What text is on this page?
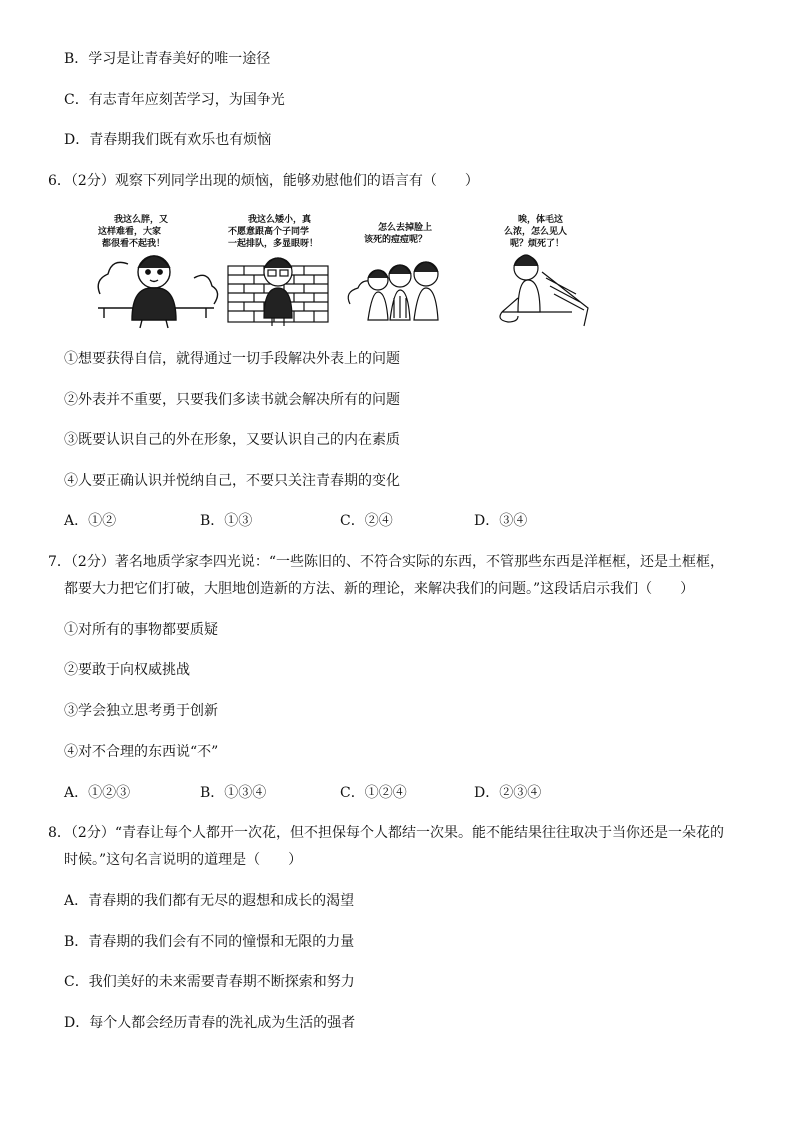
B．学习是让青春美好的唯一途径
C．有志青年应刻苦学习，为国争光
D．青春期我们既有欢乐也有烦恼
6．（2分）观察下列同学出现的烦恼，能够劝慰他们的语言有（　　）
我这么胖，又
这样难看，大家
都很看不起我！
我这么矮小，真
不愿意跟高个子同学
一起排队，多显眼呀！
怎么去掉脸上
该死的痘痘呢？
唉，体毛这
么浓，怎么见人
呢？烦死了！
①想要获得自信，就得通过一切手段解决外表上的问题
②外表并不重要，只要我们多读书就会解决所有的问题
③既要认识自己的外在形象，又要认识自己的内在素质
④人要正确认识并悦纳自己，不要只关注青春期的变化
A．①②	B．①③	C．②④	D．③④
7．（2分）著名地质学家李四光说：“一些陈旧的、不符合实际的东西，不管那些东西是洋框框，还是土框框，
都要大力把它们打破，大胆地创造新的方法、新的理论，来解决我们的问题。”这段话启示我们（　　）
①对所有的事物都要质疑
②要敢于向权威挑战
③学会独立思考勇于创新
④对不合理的东西说“不”
A．①②③	B．①③④	C．①②④	D．②③④
8．（2分）“青春让每个人都开一次花，但不担保每个人都结一次果。能不能结果往往取决于当你还是一朵花的
时候。”这句名言说明的道理是（　　）
A．青春期的我们都有无尽的遐想和成长的渴望
B．青春期的我们会有不同的憧憬和无限的力量
C．我们美好的未来需要青春期不断探索和努力
D．每个人都会经历青春的洗礼成为生活的强者
